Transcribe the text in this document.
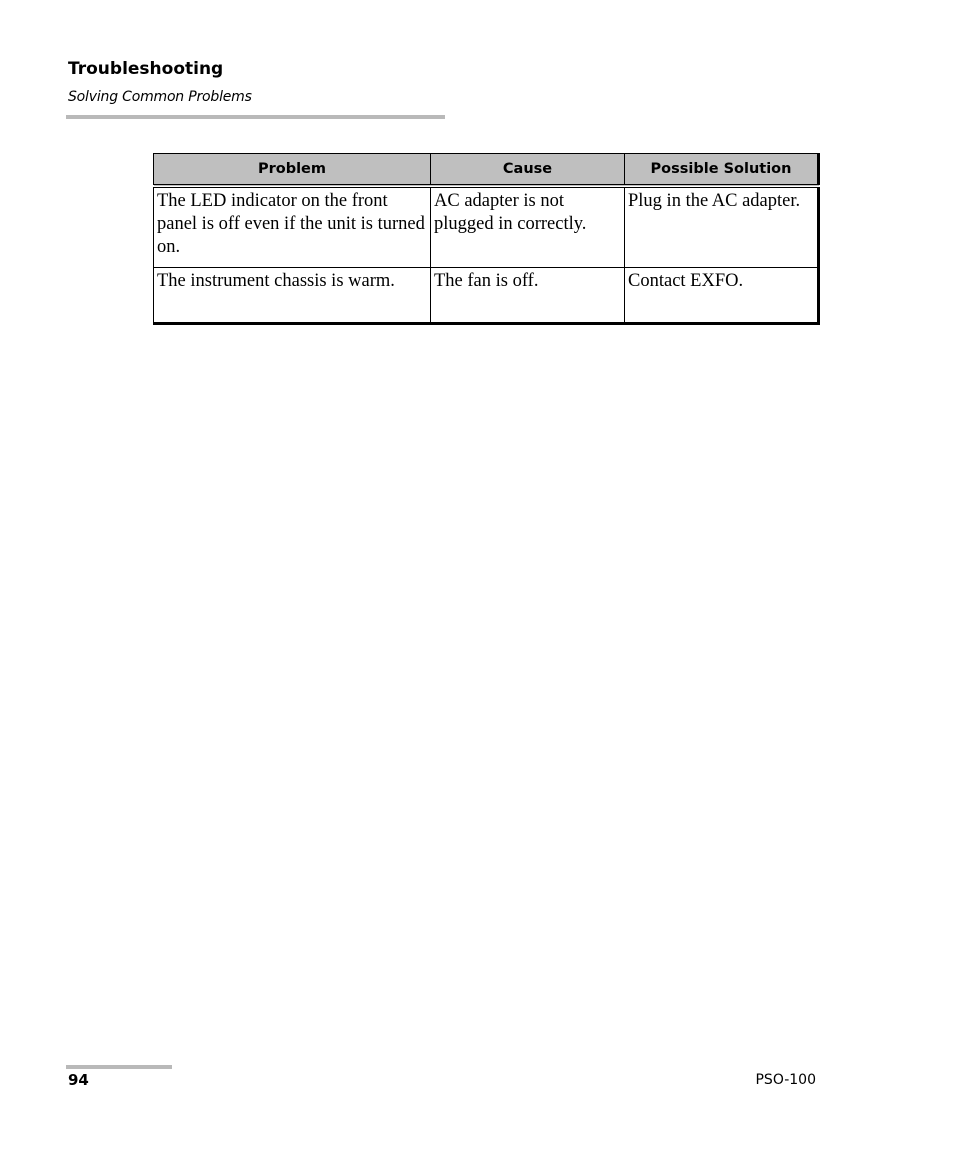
Troubleshooting
Solving Common Problems
Problem	Cause	Possible Solution
The LED indicator on the front panel is off even if the unit is turned on.	AC adapter is not plugged in correctly.	Plug in the AC adapter.
The instrument chassis is warm.	The fan is off.	Contact EXFO.
94	PSO-100
